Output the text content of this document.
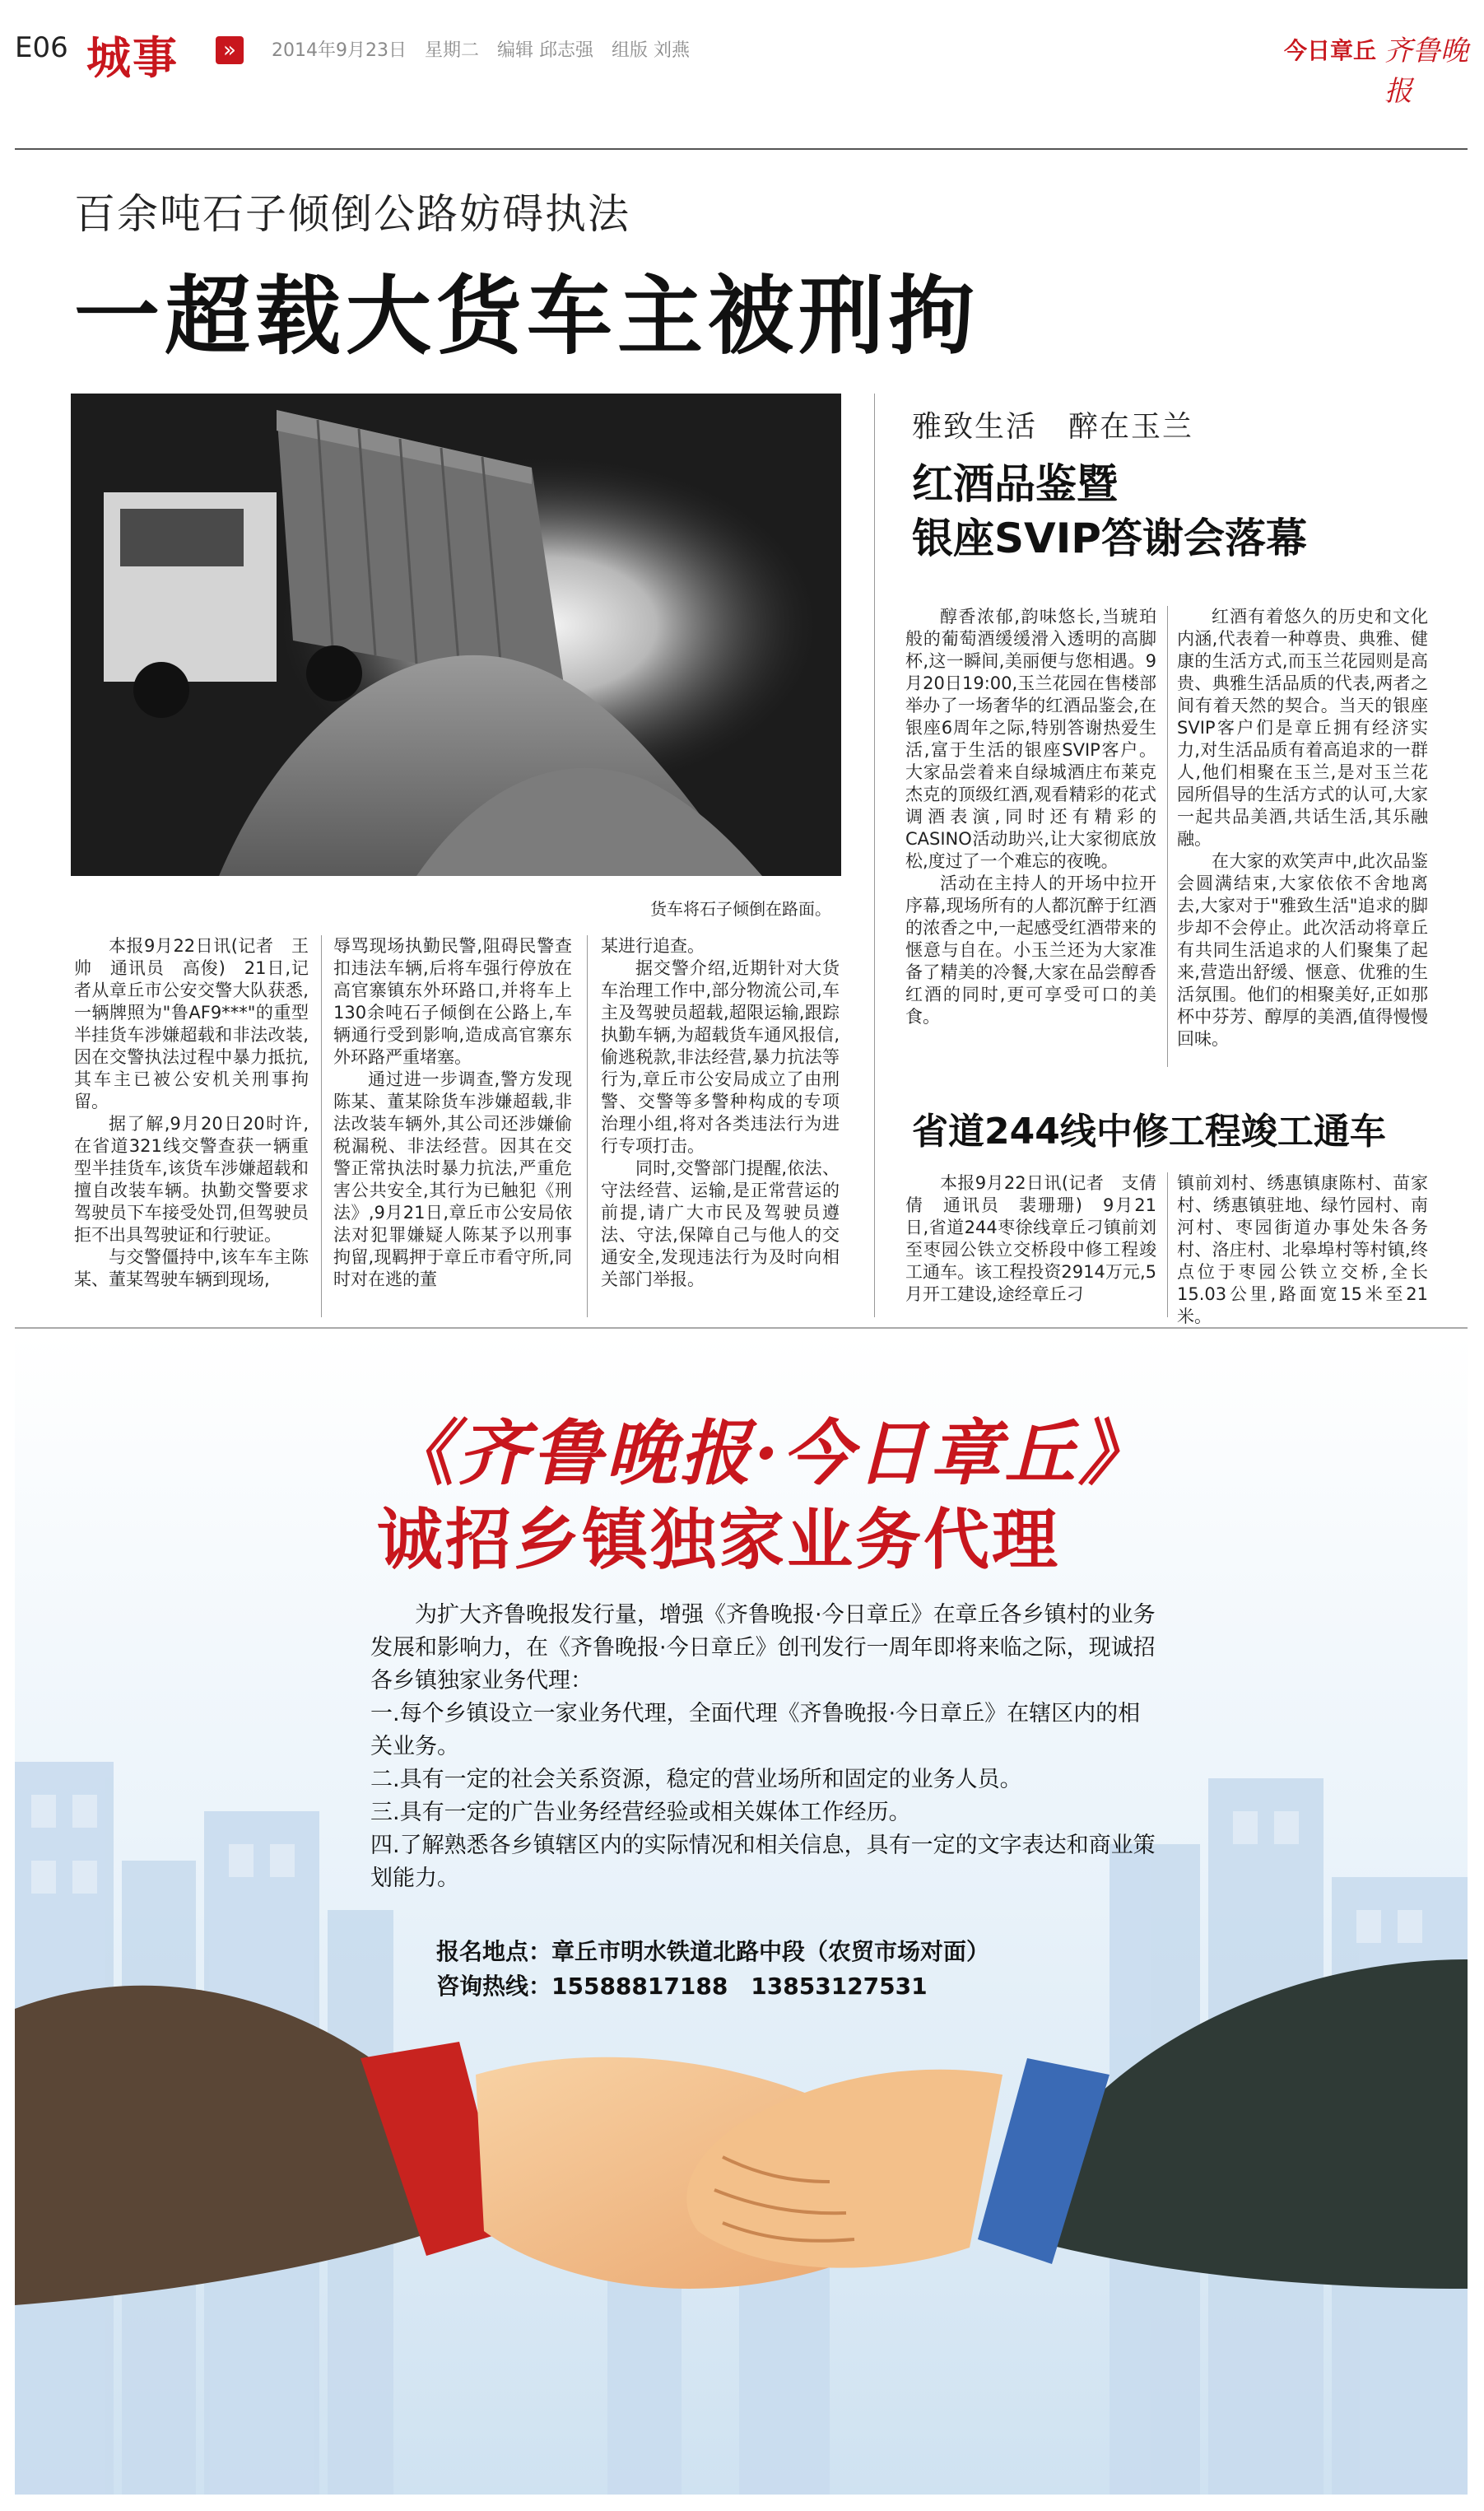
E06 城事	»	2014年9月23日　星期二　编辑 邱志强　组版 刘燕	今日章丘 齐鲁晚报
百余吨石子倾倒公路妨碍执法
一超载大货车主被刑拘
货车将石子倾倒在路面。

本报9月22日讯(记者　王帅　通讯员　高俊)　21日,记者从章丘市公安交警大队获悉,一辆牌照为"鲁AF9***"的重型半挂货车涉嫌超载和非法改装,因在交警执法过程中暴力抵抗,其车主已被公安机关刑事拘留。

据了解,9月20日20时许,在省道321线交警查获一辆重型半挂货车,该货车涉嫌超载和擅自改装车辆。执勤交警要求驾驶员下车接受处罚,但驾驶员拒不出具驾驶证和行驶证。

与交警僵持中,该车车主陈某、董某驾驶车辆到现场,

辱骂现场执勤民警,阻碍民警查扣违法车辆,后将车强行停放在高官寨镇东外环路口,并将车上130余吨石子倾倒在公路上,车辆通行受到影响,造成高官寨东外环路严重堵塞。

通过进一步调查,警方发现陈某、董某除货车涉嫌超载,非法改装车辆外,其公司还涉嫌偷税漏税、非法经营。因其在交警正常执法时暴力抗法,严重危害公共安全,其行为已触犯《刑法》,9月21日,章丘市公安局依法对犯罪嫌疑人陈某予以刑事拘留,现羁押于章丘市看守所,同时对在逃的董

某进行追查。

据交警介绍,近期针对大货车治理工作中,部分物流公司,车主及驾驶员超载,超限运输,跟踪执勤车辆,为超载货车通风报信,偷逃税款,非法经营,暴力抗法等行为,章丘市公安局成立了由刑警、交警等多警种构成的专项治理小组,将对各类违法行为进行专项打击。

同时,交警部门提醒,依法、守法经营、运输,是正常营运的前提,请广大市民及驾驶员遵法、守法,保障自己与他人的交通安全,发现违法行为及时向相关部门举报。

雅致生活　醉在玉兰
红酒品鉴暨
银座SVIP答谢会落幕

醇香浓郁,韵味悠长,当琥珀般的葡萄酒缓缓滑入透明的高脚杯,这一瞬间,美丽便与您相遇。9月20日19:00,玉兰花园在售楼部举办了一场奢华的红酒品鉴会,在银座6周年之际,特别答谢热爱生活,富于生活的银座SVIP客户。大家品尝着来自绿城酒庄布莱克杰克的顶级红酒,观看精彩的花式调酒表演,同时还有精彩的CASINO活动助兴,让大家彻底放松,度过了一个难忘的夜晚。

活动在主持人的开场中拉开序幕,现场所有的人都沉醉于红酒的浓香之中,一起感受红酒带来的惬意与自在。小玉兰还为大家准备了精美的冷餐,大家在品尝醇香红酒的同时,更可享受可口的美食。

红酒有着悠久的历史和文化内涵,代表着一种尊贵、典雅、健康的生活方式,而玉兰花园则是高贵、典雅生活品质的代表,两者之间有着天然的契合。当天的银座SVIP客户们是章丘拥有经济实力,对生活品质有着高追求的一群人,他们相聚在玉兰,是对玉兰花园所倡导的生活方式的认可,大家一起共品美酒,共话生活,其乐融融。

在大家的欢笑声中,此次品鉴会圆满结束,大家依依不舍地离去,大家对于"雅致生活"追求的脚步却不会停止。此次活动将章丘有共同生活追求的人们聚集了起来,营造出舒缓、惬意、优雅的生活氛围。他们的相聚美好,正如那杯中芬芳、醇厚的美酒,值得慢慢回味。

省道244线中修工程竣工通车

本报9月22日讯(记者　支倩倩　通讯员　裴珊珊)　9月21日,省道244枣徐线章丘刁镇前刘至枣园公铁立交桥段中修工程竣工通车。该工程投资2914万元,5月开工建设,途经章丘刁

镇前刘村、绣惠镇康陈村、苗家村、绣惠镇驻地、绿竹园村、南河村、枣园街道办事处朱各务村、洛庄村、北皋埠村等村镇,终点位于枣园公铁立交桥,全长15.03公里,路面宽15米至21米。

《齐鲁晚报·今日章丘》
诚招乡镇独家业务代理

为扩大齐鲁晚报发行量，增强《齐鲁晚报·今日章丘》在章丘各乡镇村的业务发展和影响力，在《齐鲁晚报·今日章丘》创刊发行一周年即将来临之际，现诚招各乡镇独家业务代理：

一.每个乡镇设立一家业务代理，全面代理《齐鲁晚报·今日章丘》在辖区内的相关业务。

二.具有一定的社会关系资源，稳定的营业场所和固定的业务人员。

三.具有一定的广告业务经营经验或相关媒体工作经历。

四.了解熟悉各乡镇辖区内的实际情况和相关信息，具有一定的文字表达和商业策划能力。

报名地点：章丘市明水铁道北路中段（农贸市场对面）
咨询热线：15588817188　13853127531
